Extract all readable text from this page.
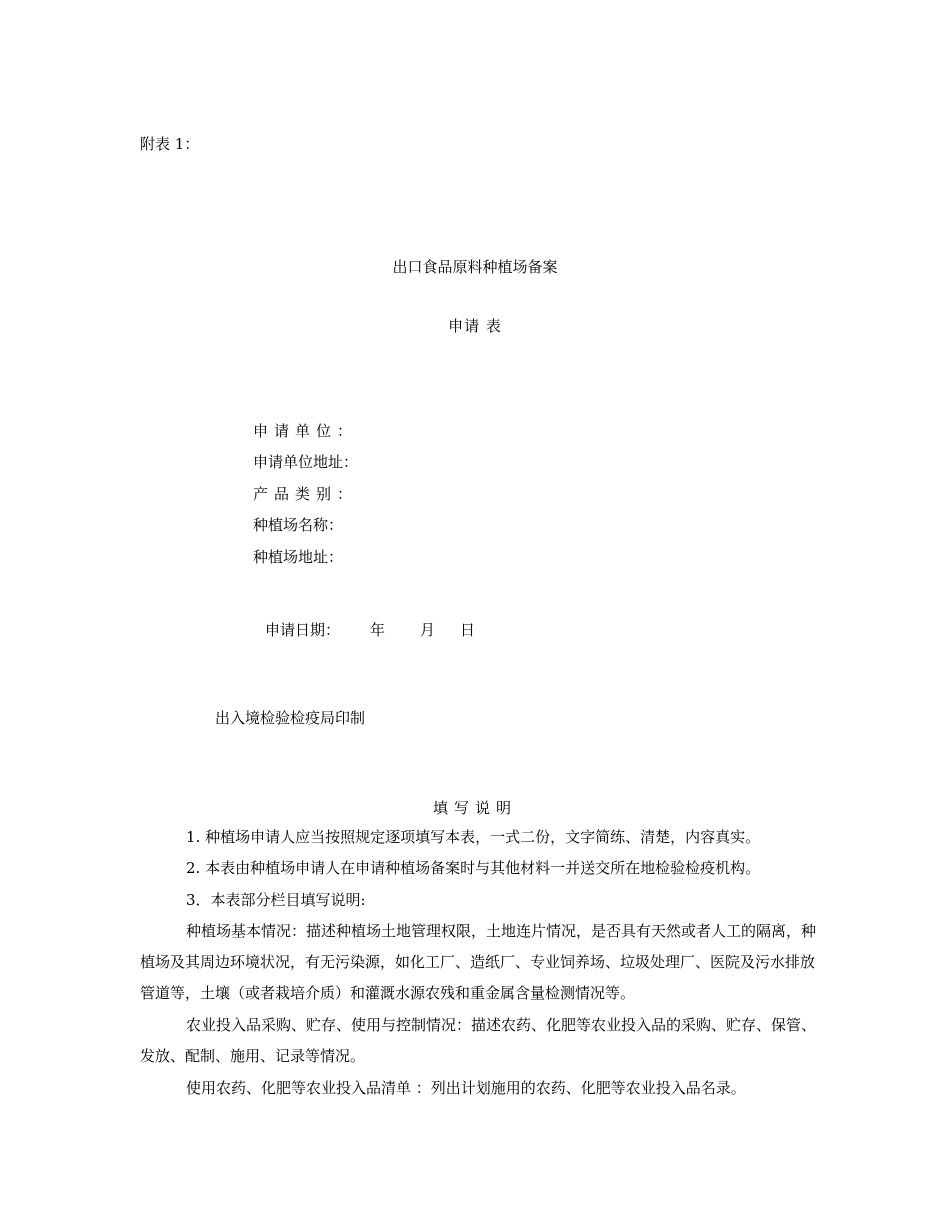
附表 1：
出口食品原料种植场备案
申请 表
申请单位：
申请单位地址：
产品类别：
种植场名称：
种植场地址：
申请日期： 年 月 日
出入境检验检疫局印制
填写说明
1. 种植场申请人应当按照规定逐项填写本表，一式二份，文字简练、清楚，内容真实。
2. 本表由种植场申请人在申请种植场备案时与其他材料一并送交所在地检验检疫机构。
3．本表部分栏目填写说明:
种植场基本情况：描述种植场土地管理权限，土地连片情况，是否具有天然或者人工的隔离，种植场及其周边环境状况，有无污染源，如化工厂、造纸厂、专业饲养场、垃圾处理厂、医院及污水排放管道等，土壤（或者栽培介质）和灌溉水源农残和重金属含量检测情况等。
农业投入品采购、贮存、使用与控制情况：描述农药、化肥等农业投入品的采购、贮存、保管、发放、配制、施用、记录等情况。
使用农药、化肥等农业投入品清单 ：列出计划施用的农药、化肥等农业投入品名录。
